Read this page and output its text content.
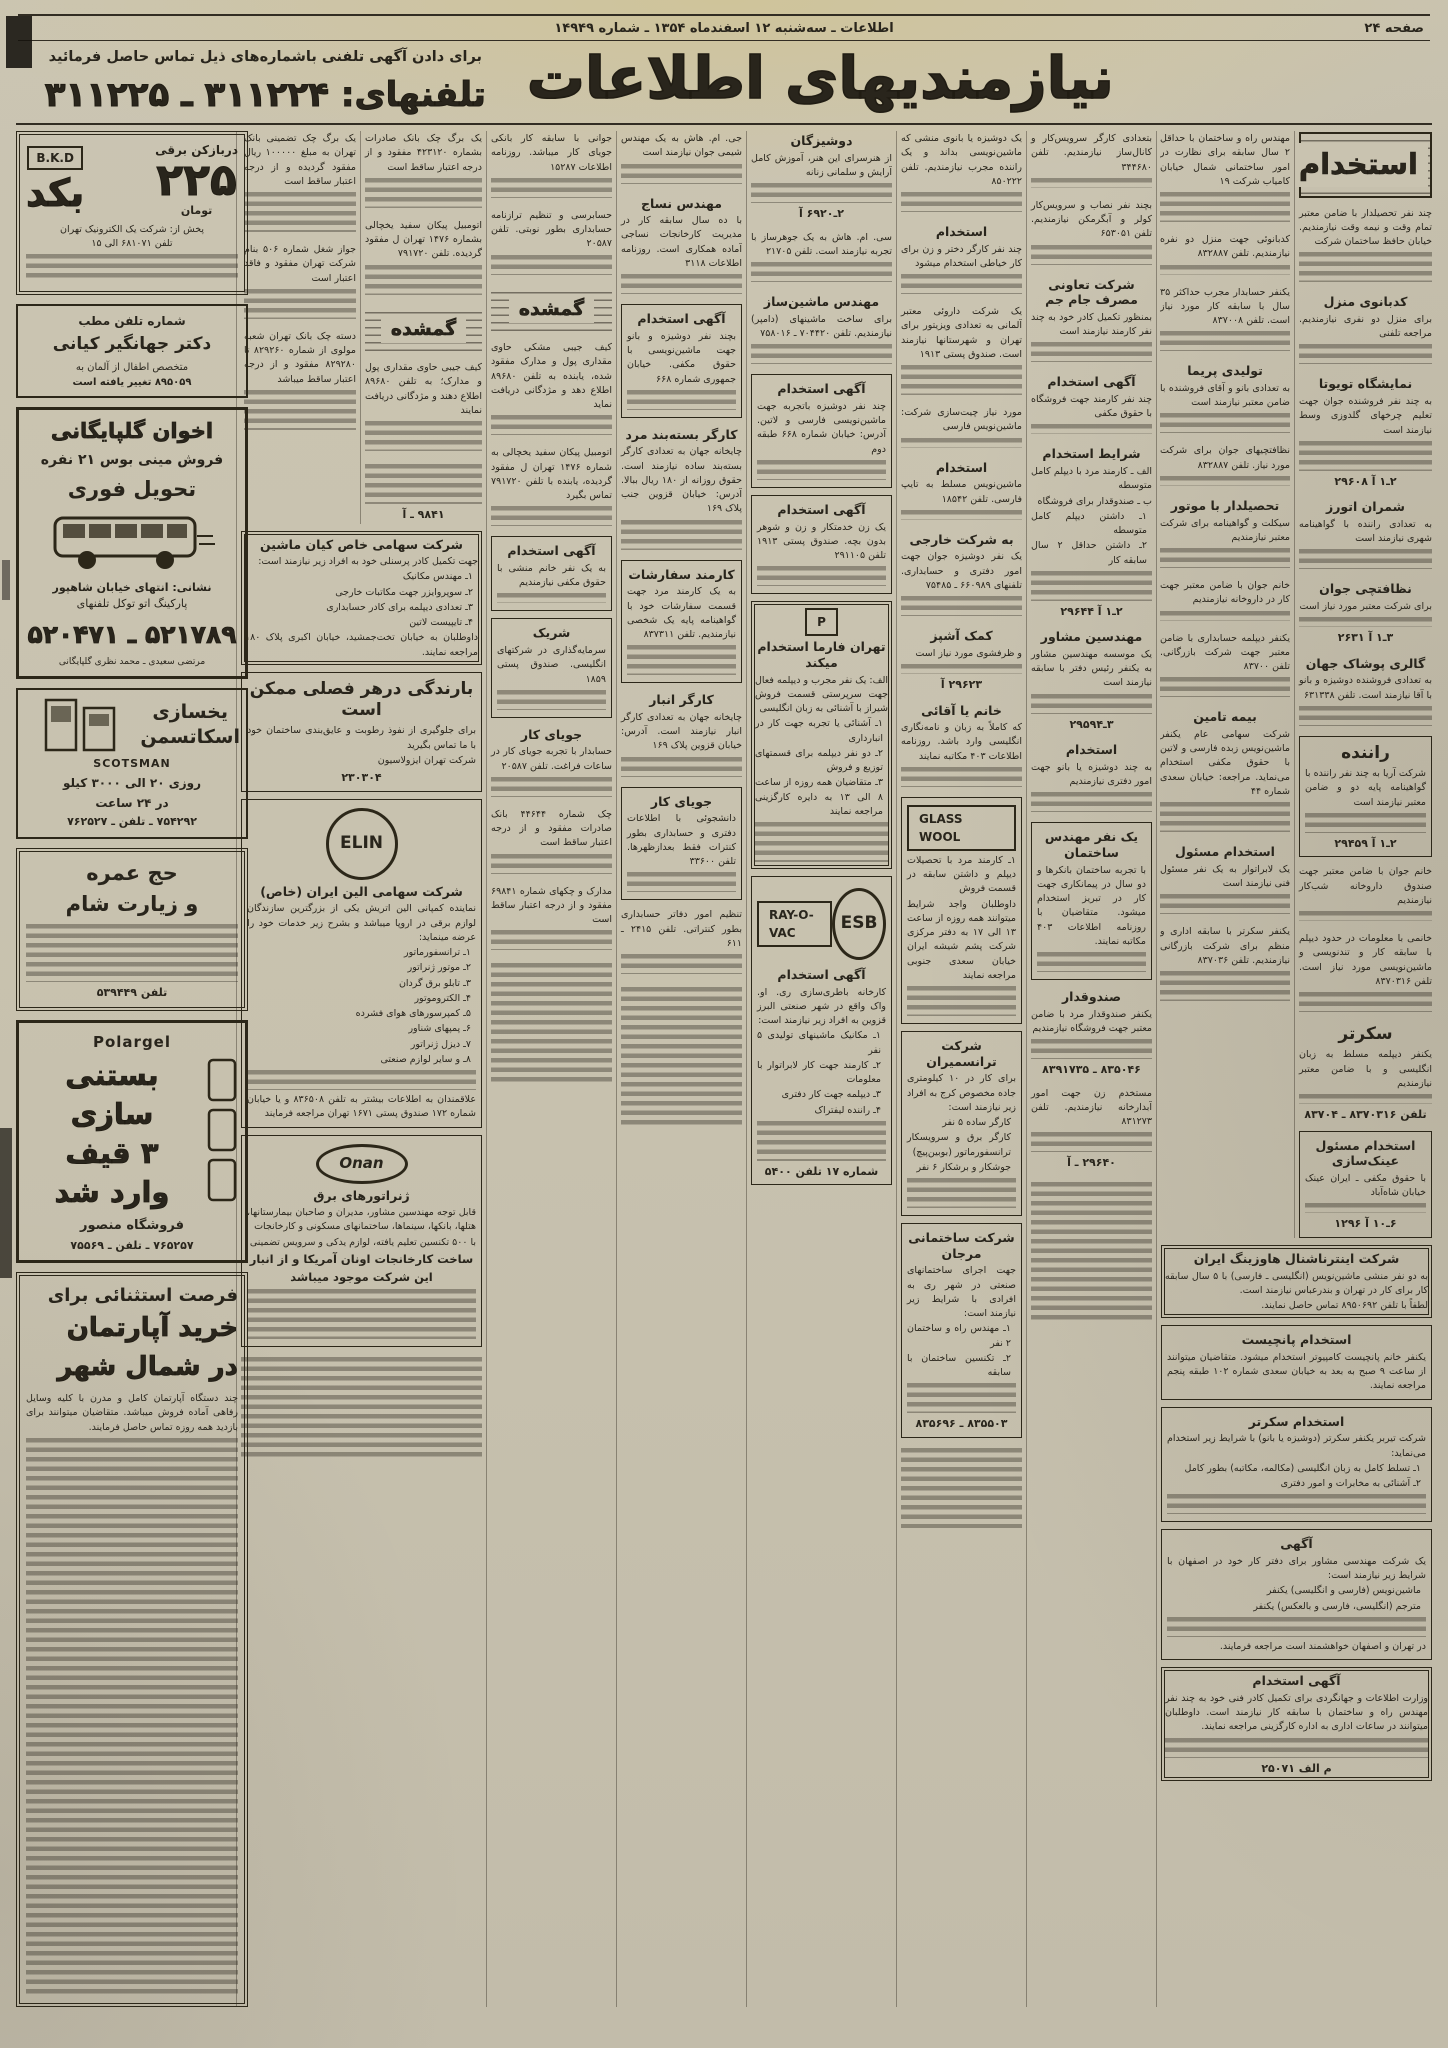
صفحه ۲۴
اطلاعات ـ سه‌شنبه ۱۲ اسفندماه ۱۳۵۴ ـ شماره ۱۴۹۴۹
نیازمندیهای اطلاعات
برای دادن آگهی تلفنی باشماره‌های ذیل تماس حاصل فرمائید
تلفنهای: ۳۱۱۲۲۴ ـ ۳۱۱۲۲۵
استخدام

چند نفر تحصیلدار با ضامن معتبر تمام وقت و نیمه وقت نیازمندیم. خیابان حافظ ساختمان شرکت

کدبانوی منزل

برای منزل دو نفری نیازمندیم. مراجعه تلفنی

نمایشگاه تویوتا

به چند نفر فروشنده جوان جهت تعلیم چرخهای گلدوزی وسط نیازمند است

۲ـ۱ آ ۲۹۶۰۸
شمران اتورز

به تعدادی راننده با گواهینامه شهری نیازمند است

نظافتچی جوان

برای شرکت معتبر مورد نیاز است

۳ـ۱ آ ۲۶۳۱
گالری پوشاک جهان

به تعدادی فروشنده دوشیزه و بانو با آقا نیازمند است. تلفن ۶۳۱۳۳۸

راننده

شرکت آریا به چند نفر راننده با گواهینامه پایه دو و ضامن معتبر نیازمند است

۲ـ۱ آ ۲۹۴۵۹

خانم جوان با ضامن معتبر جهت صندوق داروخانه شب‌کار نیازمندیم

خانمی با معلومات در حدود دیپلم با سابقه کار و تندنویسی و ماشین‌نویسی مورد نیاز است. تلفن ۸۳۷۰۳۱۶

سکرتر

یکنفر دیپلمه مسلط به زبان انگلیسی و با ضامن معتبر نیازمندیم

تلفن ۸۳۷۰۳۱۶ ـ ۸۳۷۰۴
استخدام مسئول عینک‌سازی

با حقوق مکفی ـ ایران عینک خیابان شاه‌آباد

۶ـ۱۰ آ ۱۲۹۶

مهندس راه و ساختمان با حداقل ۲ سال سابقه برای نظارت در امور ساختمانی شمال خیابان کامیاب شرکت ۱۹

کدبانوئی جهت منزل دو نفره نیازمندیم. تلفن ۸۳۲۸۸۷

یکنفر حسابدار مجرب حداکثر ۳۵ سال با سابقه کار مورد نیاز است. تلفن ۸۳۷۰۰۸

تولیدی پریما

به تعدادی بانو و آقای فروشنده با ضامن معتبر نیازمند است

نظافتچیهای جوان برای شرکت مورد نیاز. تلفن ۸۳۲۸۸۷

تحصیلدار با موتور

سیکلت و گواهینامه برای شرکت معتبر نیازمندیم

خانم جوان با ضامن معتبر جهت کار در داروخانه نیازمندیم

یکنفر دیپلمه حسابداری با ضامن معتبر جهت شرکت بازرگانی. تلفن ۸۳۷۰۰

بیمه تامین

شرکت سهامی عام یکنفر ماشین‌نویس زبده فارسی و لاتین با حقوق مکفی استخدام می‌نماید. مراجعه: خیابان سعدی شماره ۴۴

استخدام مسئول

یک لابراتوار به یک نفر مسئول فنی نیازمند است

یکنفر سکرتر با سابقه اداری و منظم برای شرکت بازرگانی نیازمندیم. تلفن ۸۳۷۰۳۶

شرکت اینترناشنال هاوزینگ ایران

به دو نفر منشی ماشین‌نویس (انگلیسی ـ فارسی) با ۵ سال سابقه کار برای کار در تهران و بندرعباس نیازمند است.

لطفاً با تلفن ۸۹۵۰۶۹۲ تماس حاصل نمایند.

استخدام پانچیست

یکنفر خانم پانچیست کامپیوتر استخدام میشود. متقاضیان میتوانند از ساعت ۹ صبح به بعد به خیابان سعدی شماره ۱۰۲ طبقه پنجم مراجعه نمایند.

استخدام سکرتر

شرکت تیربر یکنفر سکرتر (دوشیزه یا بانو) با شرایط زیر استخدام می‌نماید:

۱ـ تسلط کامل به زبان انگلیسی (مکالمه، مکاتبه) بطور کامل

۲ـ آشنائی به مخابرات و امور دفتری

آگهی

یک شرکت مهندسی مشاور برای دفتر کار خود در اصفهان با شرایط زیر نیازمند است:

ماشین‌نویس (فارسی و انگلیسی) یکنفر

مترجم (انگلیسی، فارسی و بالعکس) یکنفر

در تهران و اصفهان خواهشمند است مراجعه فرمایند.

آگهی استخدام

وزارت اطلاعات و جهانگردی برای تکمیل کادر فنی خود به چند نفر مهندس راه و ساختمان با سابقه کار نیازمند است. داوطلبان میتوانند در ساعات اداری به اداره کارگزینی مراجعه نمایند.

م الف ۲۵۰۷۱

بتعدادی کارگر سرویس‌کار و کانال‌ساز نیازمندیم. تلفن ۳۴۴۶۸۰

بچند نفر نصاب و سرویس‌کار کولر و آبگرمکن نیازمندیم. تلفن ۶۵۳۰۵۱

شرکت تعاونی مصرف جام جم

بمنظور تکمیل کادر خود به چند نفر کارمند نیازمند است

آگهی استخدام

چند نفر کارمند جهت فروشگاه با حقوق مکفی

شرایط استخدام

الف ـ کارمند مرد با دیپلم کامل متوسطه

ب ـ صندوقدار برای فروشگاه

۱ـ داشتن دیپلم کامل متوسطه

۲ـ داشتن حداقل ۲ سال سابقه کار

۲ـ۱ آ ۲۹۶۴۴
مهندسین مشاور

یک موسسه مهندسین مشاور به یکنفر رئیس دفتر با سابقه نیازمند است

۳ـ۲۹۵۹۴
استخدام

به چند دوشیزه یا بانو جهت امور دفتری نیازمندیم

یک نفر مهندس ساختمان

با تجربه ساختمان بانکرها و دو سال در پیمانکاری جهت کار در تبریز استخدام میشود. متقاضیان با روزنامه اطلاعات ۴۰۳ مکاتبه نمایند.

صندوقدار

یکنفر صندوقدار مرد با ضامن معتبر جهت فروشگاه نیازمندیم

۸۳۵۰۴۶ ـ ۸۳۹۱۷۳۵

مستخدم زن جهت امور آبدارخانه نیازمندیم. تلفن ۸۳۱۲۷۳

۲۹۶۴۰ ـ آ

یک دوشیزه یا بانوی منشی که ماشین‌نویسی بداند و یک راننده مجرب نیازمندیم. تلفن ۸۵۰۲۲۲

استخدام

چند نفر کارگر دختر و زن برای کار خیاطی استخدام میشود

یک شرکت داروئی معتبر آلمانی به تعدادی ویزیتور برای تهران و شهرستانها نیازمند است. صندوق پستی ۱۹۱۳

مورد نیاز چیت‌سازی شرکت: ماشین‌نویس فارسی

استخدام

ماشین‌نویس مسلط به تایپ فارسی. تلفن ۱۸۵۴۲

به شرکت خارجی

یک نفر دوشیزه جوان جهت امور دفتری و حسابداری. تلفنهای ۶۶۰۹۸۹ ـ ۷۵۴۸۵

کمک آشپز

و ظرفشوی مورد نیاز است

۲۹۶۲۳ آ
خانم یا آقائی

که کاملاً به زبان و نامه‌نگاری انگلیسی وارد باشد. روزنامه اطلاعات ۴۰۳ مکاتبه نمایند

GLASS WOOL

۱ـ کارمند مرد با تحصیلات دیپلم و داشتن سابقه در قسمت فروش

داوطلبان واجد شرایط میتوانند همه روزه از ساعت ۱۳ الی ۱۷ به دفتر مرکزی شرکت پشم شیشه ایران خیابان سعدی جنوبی مراجعه نمایند

شرکت ترانسمیران

برای کار در ۱۰ کیلومتری جاده مخصوص کرج به افراد زیر نیازمند است:

کارگر ساده ۵ نفر

کارگر برق و سرویسکار ترانسفورماتور (بوبین‌پیچ)

جوشکار و برشکار ۶ نفر

شرکت ساختمانی مرجان

جهت اجرای ساختمانهای صنعتی در شهر ری به افرادی با شرایط زیر نیازمند است:

۱ـ مهندس راه و ساختمان ۲ نفر

۲ـ تکنسین ساختمان با سابقه

۸۳۵۵۰۳ ـ ۸۳۵۶۹۶
دوشیزگان

از هنرسرای این هنر، آموزش کامل آرایش و سلمانی زنانه

۲ـ۶۹۲۰ آ

سی. ام. هاش به یک جوهرساز با تجربه نیازمند است. تلفن ۲۱۷۰۵

مهندس ماشین‌ساز

برای ساخت ماشینهای (دامپر) نیازمندیم. تلفن ۷۰۴۴۲۰ ـ ۷۵۸۰۱۶

آگهی استخدام

چند نفر دوشیزه باتجربه جهت ماشین‌نویسی فارسی و لاتین. آدرس: خیابان شماره ۶۶۸ طبقه دوم

آگهی استخدام

یک زن خدمتکار و زن و شوهر بدون بچه. صندوق پستی ۱۹۱۳ تلفن ۲۹۱۱۰۵

P
تهران فارما استخدام میکند

الف: یک نفر مجرب و دیپلمه فعال جهت سرپرستی قسمت فروش شیراز با آشنائی به زبان انگلیسی

۱ـ آشنائی یا تجربه جهت کار در انبارداری

۲ـ دو نفر دیپلمه برای قسمتهای توزیع و فروش

۳ـ متقاضیان همه روزه از ساعت ۸ الی ۱۳ به دایره کارگزینی مراجعه نمایند

ESB
RAY-O-VAC
آگهی استخدام

کارخانه باطری‌سازی ری. او. واک واقع در شهر صنعتی البرز قزوین به افراد زیر نیازمند است:

۱ـ مکانیک ماشینهای تولیدی ۵ نفر

۲ـ کارمند جهت کار لابراتوار با معلومات

۳ـ دیپلمه جهت کار دفتری

۴ـ راننده لیفتراک

شماره ۱۷ تلفن ۵۴۰۰

جی. ام. هاش به یک مهندس شیمی جوان نیازمند است

مهندس نساج

با ده سال سابقه کار در مدیریت کارخانجات نساجی آماده همکاری است. روزنامه اطلاعات ۳۱۱۸

آگهی استخدام

بچند نفر دوشیزه و بانو جهت ماشین‌نویسی با حقوق مکفی. خیابان جمهوری شماره ۶۶۸

کارگر بسته‌بند مرد

چایخانه جهان به تعدادی کارگر بسته‌بند ساده نیازمند است. حقوق روزانه از ۱۸۰ ریال ببالا. آدرس: خیابان قزوین جنب پلاک ۱۶۹

کارمند سفارشات

به یک کارمند مرد جهت قسمت سفارشات خود با گواهینامه پایه یک شخصی نیازمندیم. تلفن ۸۳۷۳۱۱

کارگر انبار

چایخانه جهان به تعدادی کارگر انبار نیازمند است. آدرس: خیابان قزوین پلاک ۱۶۹

جویای کار

دانشجوئی با اطلاعات دفتری و حسابداری بطور کنترات فقط بعدازظهرها. تلفن ۳۳۶۰۰

تنظیم امور دفاتر حسابداری بطور کنتراتی. تلفن ۲۴۱۵ ـ ۶۱۱

جوانی با سابقه کار بانکی جویای کار میباشد. روزنامه اطلاعات ۱۵۲۸۷

حسابرسی و تنظیم ترازنامه حسابداری بطور نوبتی. تلفن ۲۰۵۸۷

گمشده

کیف جیبی مشکی حاوی مقداری پول و مدارک مفقود شده، یابنده به تلفن ۸۹۶۸۰ اطلاع دهد و مژدگانی دریافت نماید

اتومبیل پیکان سفید یخچالی به شماره ۱۴۷۶ تهران ل مفقود گردیده، یابنده با تلفن ۷۹۱۷۲۰ تماس بگیرد

آگهی استخدام

به یک نفر خانم منشی با حقوق مکفی نیازمندیم

شریک

سرمایه‌گذاری در شرکتهای انگلیسی. صندوق پستی ۱۸۵۹

جویای کار

حسابدار با تجربه جویای کار در ساعات فراغت. تلفن ۲۰۵۸۷

چک شماره ۴۴۶۴۴ بانک صادرات مفقود و از درجه اعتبار ساقط است

مدارک و چکهای شماره ۶۹۸۴۱ مفقود و از درجه اعتبار ساقط است

یک برگ چک بانک صادرات بشماره ۴۲۳۱۲۰ مفقود و از درجه اعتبار ساقط است

اتومبیل پیکان سفید یخچالی بشماره ۱۴۷۶ تهران ل مفقود گردیده. تلفن ۷۹۱۷۲۰

گمشده

کیف جیبی حاوی مقداری پول و مدارک؛ به تلفن ۸۹۶۸۰ اطلاع دهند و مژدگانی دریافت نمایند

۹۸۴۱ ـ آ

یک برگ چک تضمینی بانک تهران به مبلغ ۱۰۰۰۰۰ ریال مفقود گردیده و از درجه اعتبار ساقط است

جواز شغل شماره ۵۰۶ بنام شرکت تهران مفقود و فاقد اعتبار است

دسته چک بانک تهران شعبه مولوی از شماره ۸۲۹۲۶۰ تا ۸۲۹۲۸۰ مفقود و از درجه اعتبار ساقط میباشد

شرکت سهامی خاص کیان ماشین

جهت تکمیل کادر پرسنلی خود به افراد زیر نیازمند است:

۱ـ مهندس مکانیک

۲ـ سوپروایزر جهت مکاتبات خارجی

۳ـ تعدادی دیپلمه برای کادر حسابداری

۴ـ تایپیست لاتین

داوطلبان به خیابان تخت‌جمشید، خیابان اکبری پلاک ۱۸۰ مراجعه نمایند.

بارندگی درهر فصلی ممکن است

برای جلوگیری از نفوذ رطوبت و عایق‌بندی ساختمان خود با ما تماس بگیرید

شرکت تهران ایزولاسیون

۲۳۰۳۰۴
ELIN
شرکت سهامی الین ایران (خاص)

نماینده کمپانی الین اتریش یکی از بزرگترین سازندگان لوازم برقی در اروپا میباشد و بشرح زیر خدمات خود را عرضه مینماید:

۱ـ ترانسفورماتور

۲ـ موتور ژنراتور

۳ـ تابلو برق گردان

۴ـ الکتروموتور

۵ـ کمپرسورهای هوای فشرده

۶ـ پمپهای شناور

۷ـ دیزل ژنراتور

۸ـ و سایر لوازم صنعتی

علاقمندان به اطلاعات بیشتر به تلفن ۸۳۶۵۰۸ و یا خیابان شماره ۱۷۲ صندوق پستی ۱۶۷۱ تهران مراجعه فرمایند

Onan
ژنراتورهای برق

قابل توجه مهندسین مشاور، مدیران و صاحبان بیمارستانها، هتلها، بانکها، سینماها، ساختمانهای مسکونی و کارخانجات

با ۵۰۰ تکنسین تعلیم یافته، لوازم یدکی و سرویس تضمینی

ساخت کارخانجات اونان آمریکا و از انبار

این شرکت موجود میباشد

دربازکن برقی
۲۲۵
تومان
B.K.D
بکد

پخش از: شرکت یک الکترونیک تهران

تلفن ۶۸۱۰۷۱ الی ۱۵

شماره تلفن مطب
دکتر جهانگیر کیانی
متخصص اطفال از آلمان به
۸۹۵۰۵۹ تغییر یافته است
اخوان گلپایگانی
فروش مینی بوس ۲۱ نفره
تحویل فوری
نشانی: انتهای خیابان شاهپور
پارکینگ اتو توکل تلفنهای
۵۲۱۷۸۹ ـ ۵۲۰۴۷۱
مرتضی سعیدی ـ محمد نظری گلپایگانی
یخسازی
اسکاتسمن
SCOTSMAN
روزی ۲۰ الی ۳۰۰۰ کیلو
در ۲۴ ساعت
۷۵۴۲۹۲ ـ تلفن ـ ۷۶۲۵۲۷
حج عمره
و زیارت شام
تلفن ۵۳۹۴۴۹
Polargel
بستنی
سازی
۳ قیف
وارد شد
فروشگاه منصور
۷۶۵۲۵۷ ـ تلفن ـ ۷۵۵۶۹
فرصت استثنائی برای
خرید آپارتمان
در شمال شهر

چند دستگاه آپارتمان کامل و مدرن با کلیه وسایل رفاهی آماده فروش میباشد. متقاضیان میتوانند برای بازدید همه روزه تماس حاصل فرمایند.
